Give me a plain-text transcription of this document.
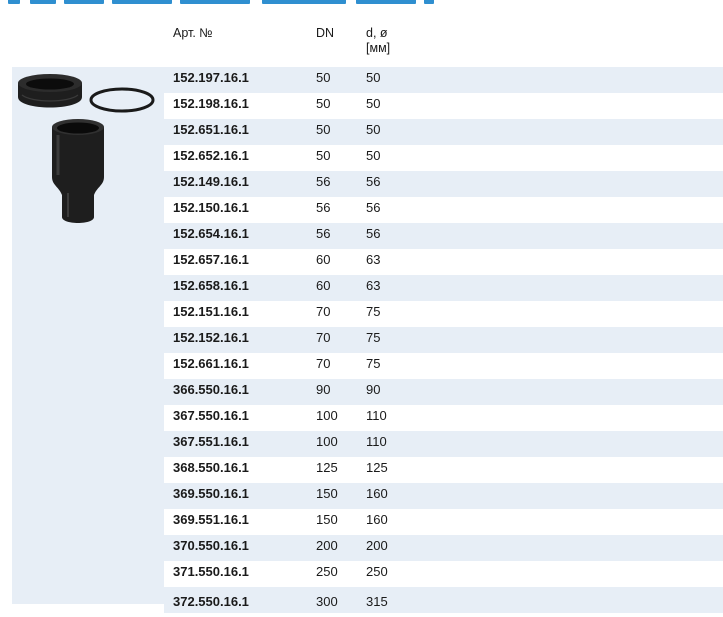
Арт. №	DN	d, ø
[мм]
152.197.16.1	50	50
152.198.16.1	50	50
152.651.16.1	50	50
152.652.16.1	50	50
152.149.16.1	56	56
152.150.16.1	56	56
152.654.16.1	56	56
152.657.16.1	60	63
152.658.16.1	60	63
152.151.16.1	70	75
152.152.16.1	70	75
152.661.16.1	70	75
366.550.16.1	90	90
367.550.16.1	100 110
367.551.16.1	100 110
368.550.16.1	125 125
369.550.16.1	150 160
369.551.16.1	150 160
370.550.16.1	200 200
371.550.16.1	250 250
372.550.16.1	300 315
